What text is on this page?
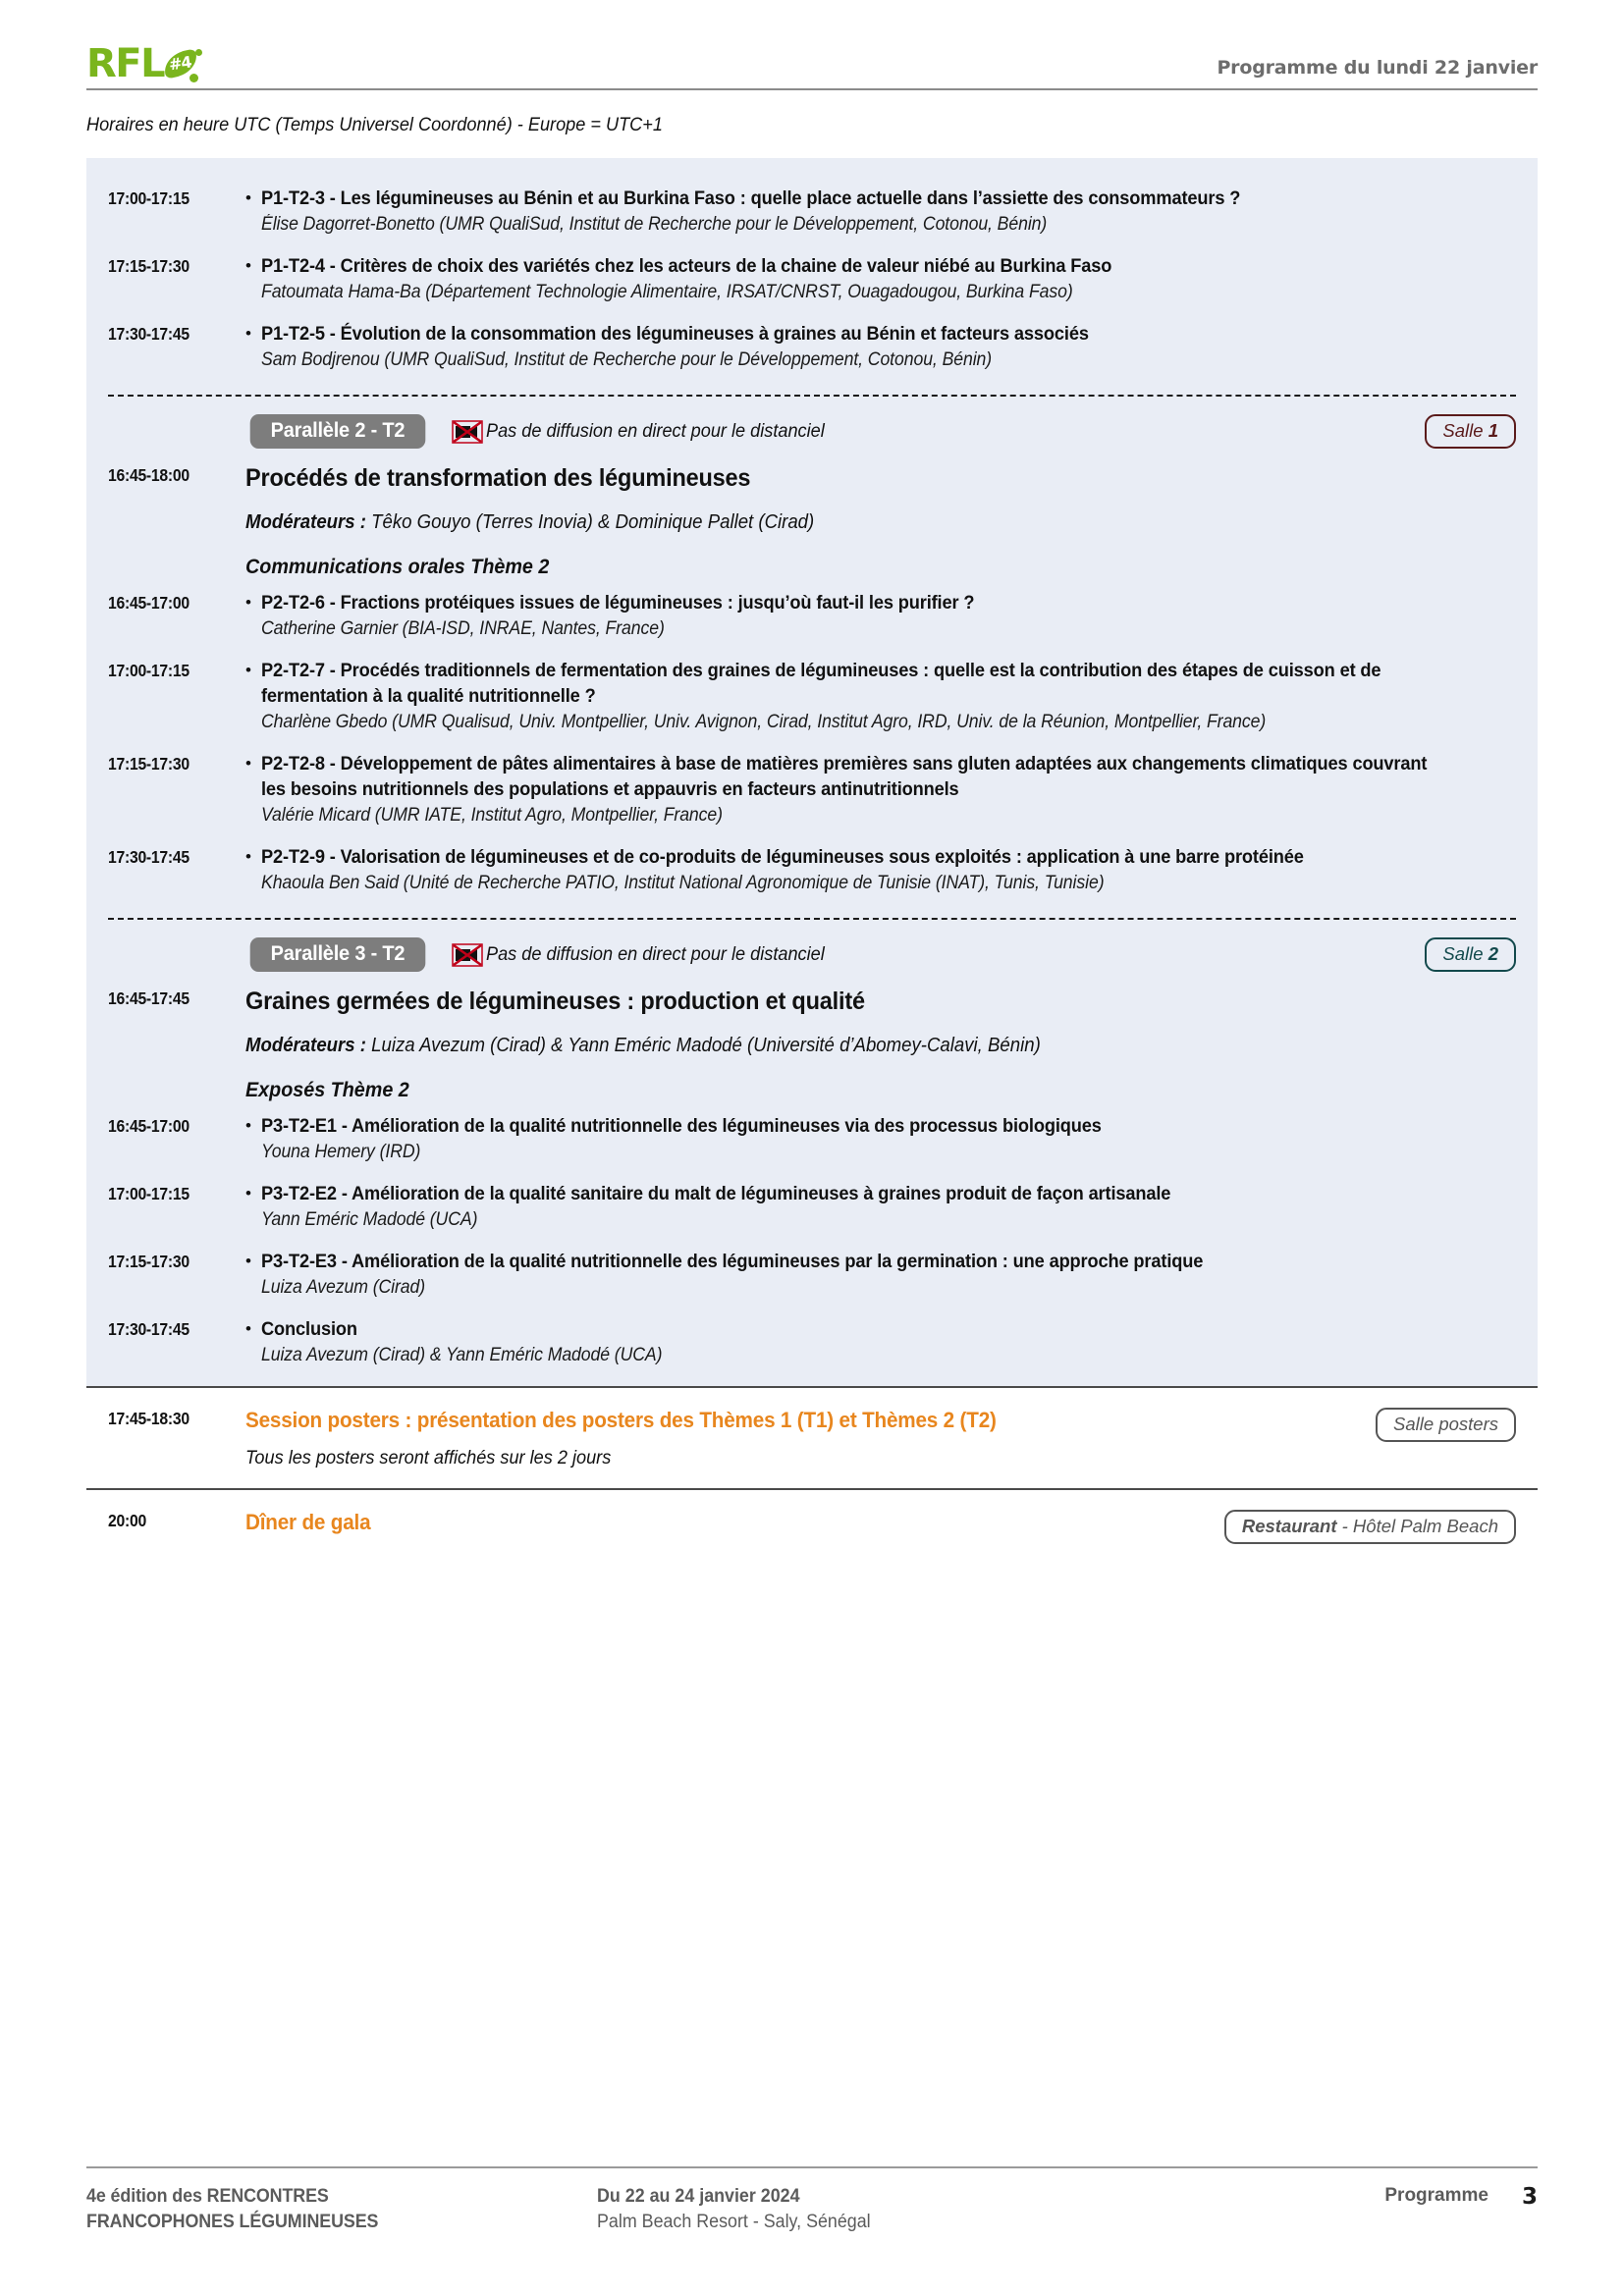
RFL #4	Programme du lundi 22 janvier
Horaires en heure UTC (Temps Universel Coordonné) - Europe = UTC+1
17:00-17:15	• P1-T2-3 - Les légumineuses au Bénin et au Burkina Faso : quelle place actuelle dans l’assiette des consommateurs ?
Élise Dagorret-Bonetto (UMR QualiSud, Institut de Recherche pour le Développement, Cotonou, Bénin)
17:15-17:30	• P1-T2-4 - Critères de choix des variétés chez les acteurs de la chaine de valeur niébé au Burkina Faso
Fatoumata Hama-Ba (Département Technologie Alimentaire, IRSAT/CNRST, Ouagadougou, Burkina Faso)
17:30-17:45	• P1-T2-5 - Évolution de la consommation des légumineuses à graines au Bénin et facteurs associés
Sam Bodjrenou (UMR QualiSud, Institut de Recherche pour le Développement, Cotonou, Bénin)
Parallèle 2 - T2	Pas de diffusion en direct pour le distanciel	Salle 1
16:45-18:00	Procédés de transformation des légumineuses
Modérateurs : Têko Gouyo (Terres Inovia) & Dominique Pallet (Cirad)
Communications orales Thème 2
16:45-17:00	• P2-T2-6 - Fractions protéiques issues de légumineuses : jusqu’où faut-il les purifier ?
Catherine Garnier (BIA-ISD, INRAE, Nantes, France)
17:00-17:15	• P2-T2-7 - Procédés traditionnels de fermentation des graines de légumineuses : quelle est la contribution des étapes de cuisson et de fermentation à la qualité nutritionnelle ?
Charlène Gbedo (UMR Qualisud, Univ. Montpellier, Univ. Avignon, Cirad, Institut Agro, IRD, Univ. de la Réunion, Montpellier, France)
17:15-17:30	• P2-T2-8 - Développement de pâtes alimentaires à base de matières premières sans gluten adaptées aux changements climatiques couvrant les besoins nutritionnels des populations et appauvris en facteurs antinutritionnels
Valérie Micard (UMR IATE, Institut Agro, Montpellier, France)
17:30-17:45	• P2-T2-9 - Valorisation de légumineuses et de co-produits de légumineuses sous exploités : application à une barre protéinée
Khaoula Ben Said (Unité de Recherche PATIO, Institut National Agronomique de Tunisie (INAT), Tunis, Tunisie)
Parallèle 3 - T2	Pas de diffusion en direct pour le distanciel	Salle 2
16:45-17:45	Graines germées de légumineuses : production et qualité
Modérateurs : Luiza Avezum (Cirad) & Yann Eméric Madodé (Université d’Abomey-Calavi, Bénin)
Exposés Thème 2
16:45-17:00	• P3-T2-E1 - Amélioration de la qualité nutritionnelle des légumineuses via des processus biologiques
Youna Hemery (IRD)
17:00-17:15	• P3-T2-E2 - Amélioration de la qualité sanitaire du malt de légumineuses à graines produit de façon artisanale
Yann Eméric Madodé (UCA)
17:15-17:30	• P3-T2-E3 - Amélioration de la qualité nutritionnelle des légumineuses par la germination : une approche pratique
Luiza Avezum (Cirad)
17:30-17:45	• Conclusion
Luiza Avezum (Cirad) & Yann Eméric Madodé (UCA)
17:45-18:30	Session posters : présentation des posters des Thèmes 1 (T1) et Thèmes 2 (T2)
Tous les posters seront affichés sur les 2 jours
Salle posters
20:00	Dîner de gala	Restaurant - Hôtel Palm Beach
4e édition des RENCONTRES
FRANCOPHONES LÉGUMINEUSES
Du 22 au 24 janvier 2024
Palm Beach Resort - Saly, Sénégal
Programme	3
